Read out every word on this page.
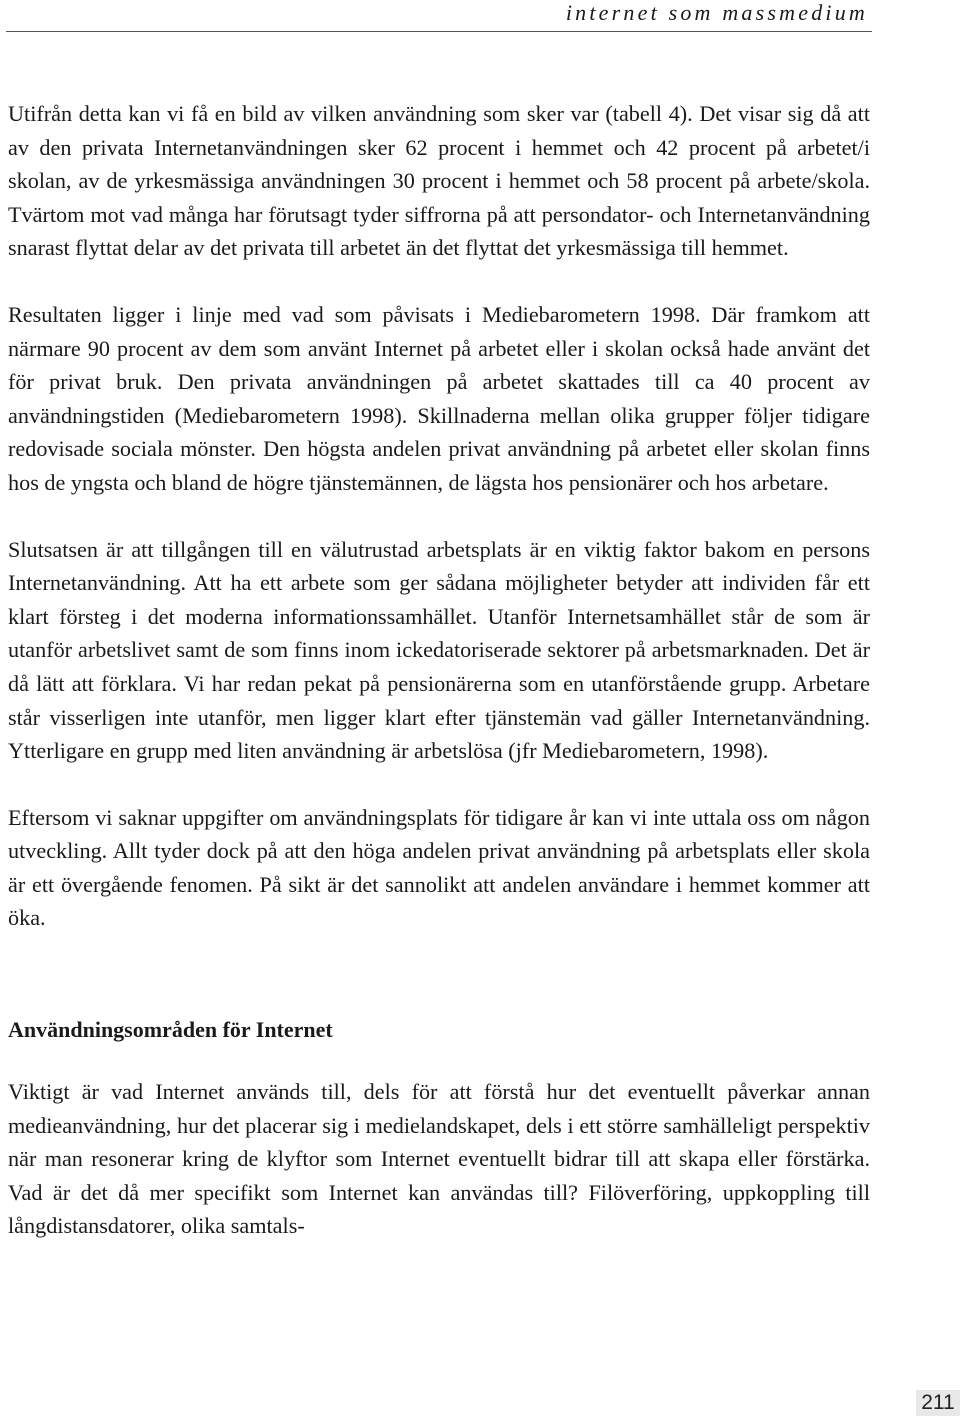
internet som massmedium

Utifrån detta kan vi få en bild av vilken användning som sker var (tabell 4). Det visar sig då att av den privata Internetanvändningen sker 62 procent i hemmet och 42 procent på arbetet/i skolan, av de yrkesmässiga användningen 30 procent i hemmet och 58 procent på arbete/skola. Tvärtom mot vad många har förutsagt tyder siffrorna på att persondator- och Internetanvändning snarast flyttat delar av det privata till arbetet än det flyttat det yrkesmässiga till hemmet.

Resultaten ligger i linje med vad som påvisats i Mediebarometern 1998. Där framkom att närmare 90 procent av dem som använt Internet på arbetet eller i skolan också hade använt det för privat bruk. Den privata användningen på arbetet skattades till ca 40 procent av användningstiden (Mediebarometern 1998). Skillnaderna mellan olika grupper följer tidigare redovisade sociala mönster. Den högsta andelen privat användning på arbetet eller skolan finns hos de yngsta och bland de högre tjänstemännen, de lägsta hos pensionärer och hos arbetare.

Slutsatsen är att tillgången till en välutrustad arbetsplats är en viktig faktor bakom en persons Internetanvändning. Att ha ett arbete som ger sådana möjligheter betyder att individen får ett klart försteg i det moderna informationssamhället. Utanför Internetsamhället står de som är utanför arbetslivet samt de som finns inom ickedatoriserade sektorer på arbetsmarknaden. Det är då lätt att förklara. Vi har redan pekat på pensionärerna som en utanförstående grupp. Arbetare står visserligen inte utanför, men ligger klart efter tjänstemän vad gäller Internetanvändning. Ytterligare en grupp med liten användning är arbetslösa (jfr Mediebarometern, 1998).

Eftersom vi saknar uppgifter om användningsplats för tidigare år kan vi inte uttala oss om någon utveckling. Allt tyder dock på att den höga andelen privat användning på arbetsplats eller skola är ett övergående fenomen. På sikt är det sannolikt att andelen användare i hemmet kommer att öka.

Användningsområden för Internet

Viktigt är vad Internet används till, dels för att förstå hur det eventuellt påverkar annan medieanvändning, hur det placerar sig i medielandskapet, dels i ett större samhälleligt perspektiv när man resonerar kring de klyftor som Internet eventuellt bidrar till att skapa eller förstärka. Vad är det då mer specifikt som Internet kan användas till? Filöverföring, uppkoppling till långdistansdatorer, olika samtals-

211
